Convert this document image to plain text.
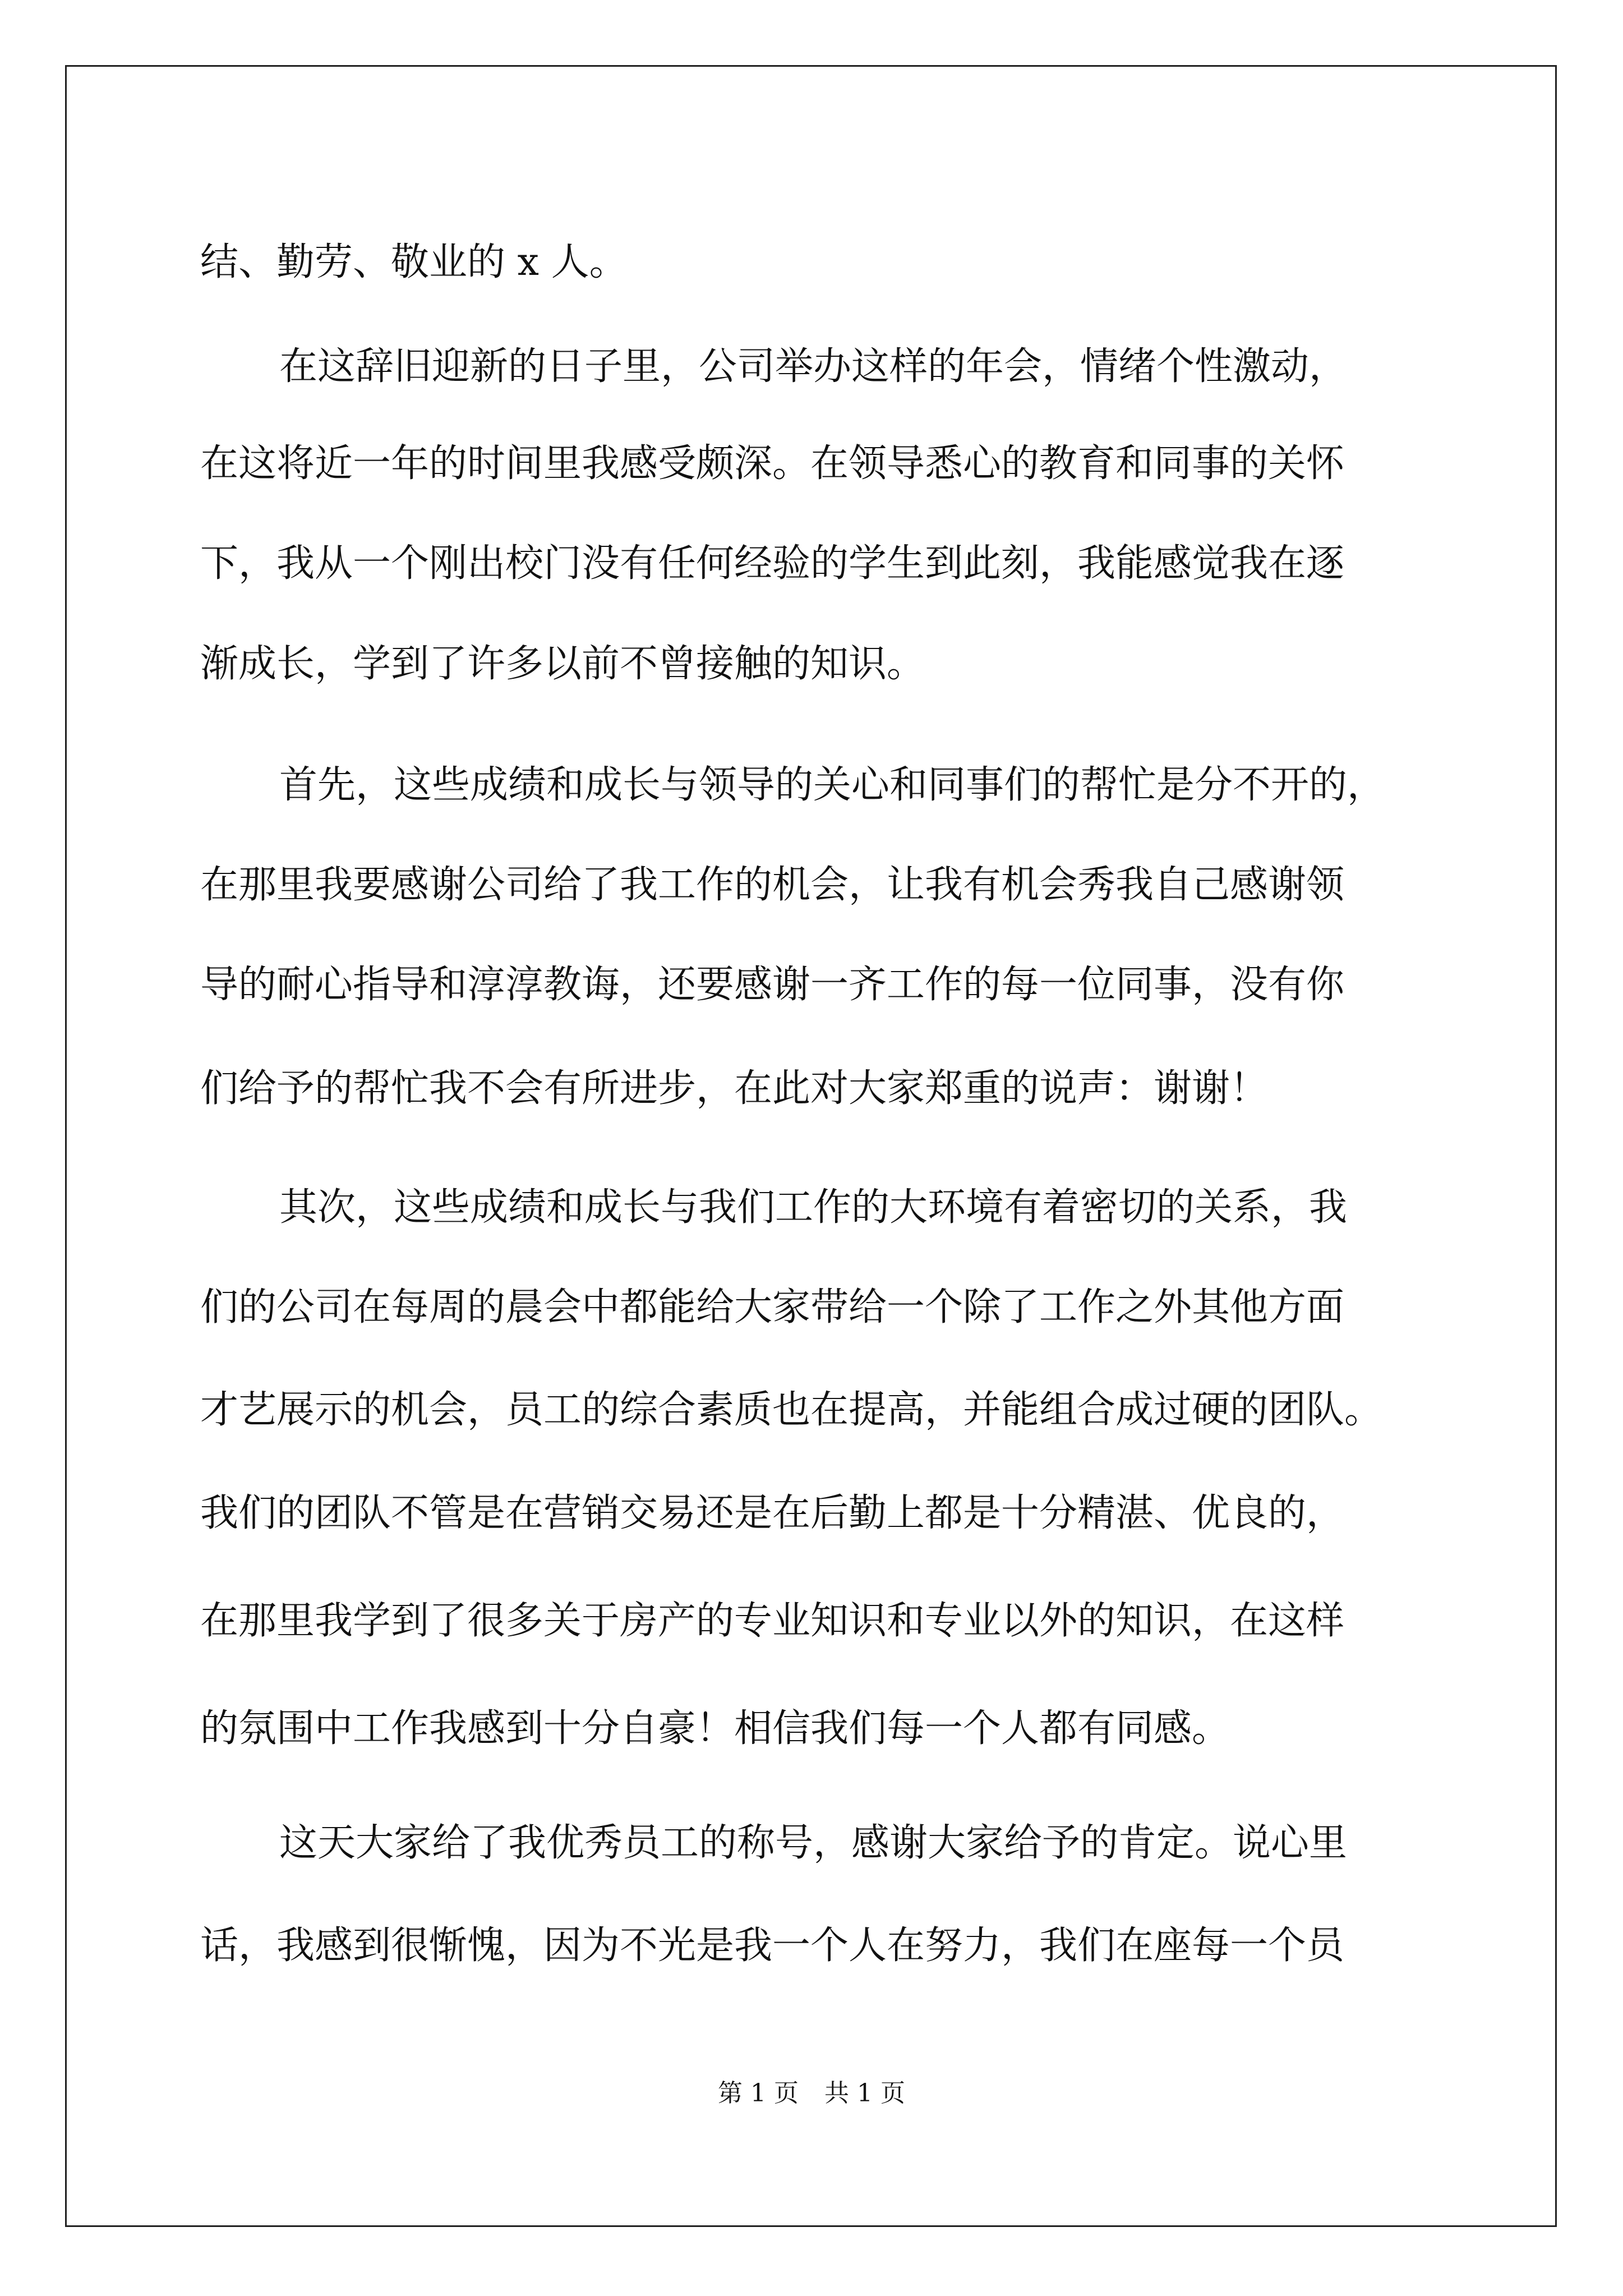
结、勤劳、敬业的 x 人。
在这辞旧迎新的日子里，公司举办这样的年会，情绪个性激动，
在这将近一年的时间里我感受颇深。在领导悉心的教育和同事的关怀
下，我从一个刚出校门没有任何经验的学生到此刻，我能感觉我在逐
渐成长，学到了许多以前不曾接触的知识。
首先，这些成绩和成长与领导的关心和同事们的帮忙是分不开的，
在那里我要感谢公司给了我工作的机会，让我有机会秀我自己感谢领
导的耐心指导和淳淳教诲，还要感谢一齐工作的每一位同事，没有你
们给予的帮忙我不会有所进步，在此对大家郑重的说声：谢谢！
其次，这些成绩和成长与我们工作的大环境有着密切的关系，我
们的公司在每周的晨会中都能给大家带给一个除了工作之外其他方面
才艺展示的机会，员工的综合素质也在提高，并能组合成过硬的团队。
我们的团队不管是在营销交易还是在后勤上都是十分精湛、优良的，
在那里我学到了很多关于房产的专业知识和专业以外的知识，在这样
的氛围中工作我感到十分自豪！相信我们每一个人都有同感。
这天大家给了我优秀员工的称号，感谢大家给予的肯定。说心里
话，我感到很惭愧，因为不光是我一个人在努力，我们在座每一个员
第 1 页 共 1 页
